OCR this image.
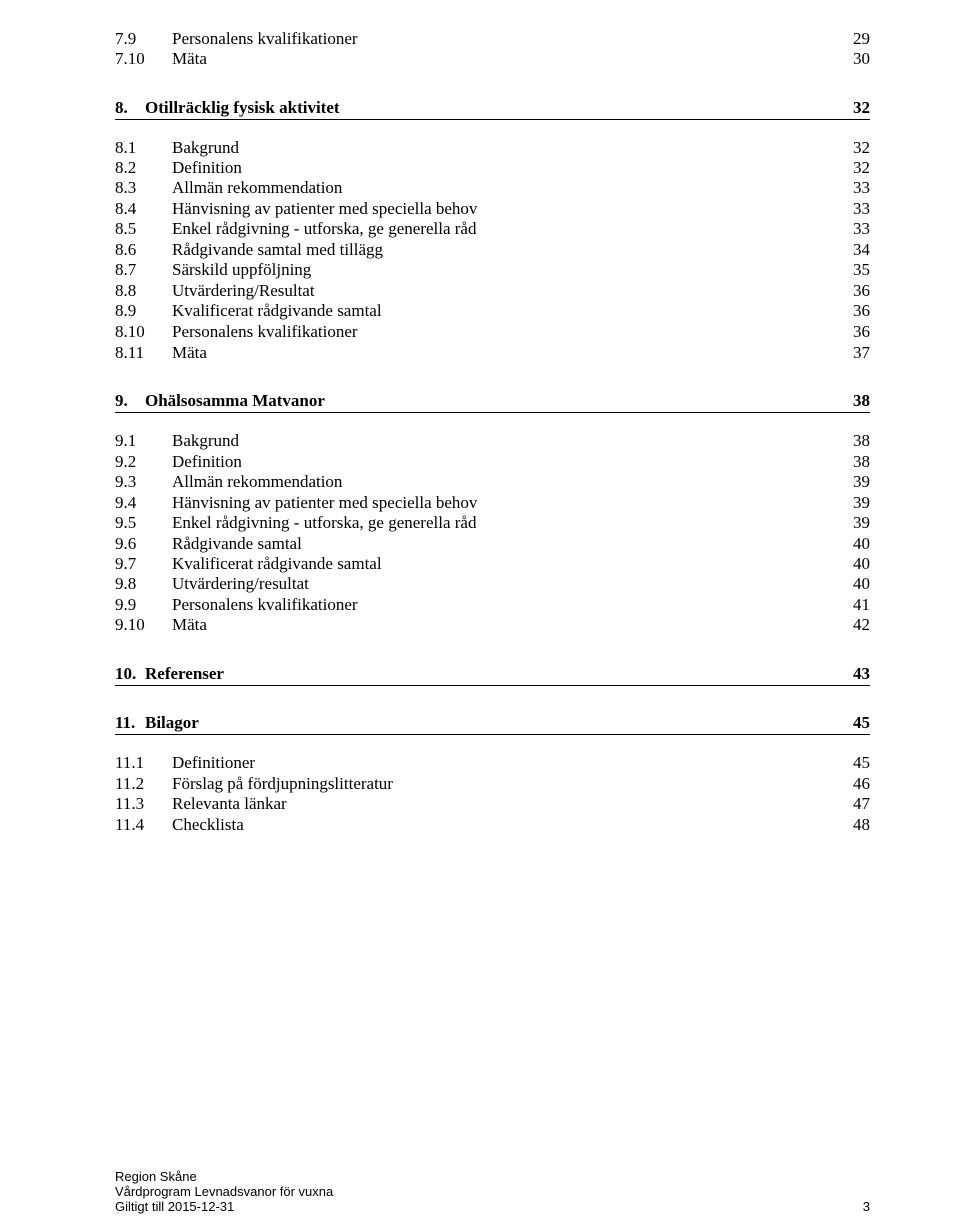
7.9 Personalens kvalifikationer	29
7.10 Mäta	30
8. Otillräcklig fysisk aktivitet	32
8.1 Bakgrund	32
8.2 Definition	32
8.3 Allmän rekommendation	33
8.4 Hänvisning av patienter med speciella behov	33
8.5 Enkel rådgivning - utforska, ge generella råd	33
8.6 Rådgivande samtal med tillägg	34
8.7 Särskild uppföljning	35
8.8 Utvärdering/Resultat	36
8.9 Kvalificerat rådgivande samtal	36
8.10 Personalens kvalifikationer	36
8.11 Mäta	37
9. Ohälsosamma Matvanor	38
9.1 Bakgrund	38
9.2 Definition	38
9.3 Allmän rekommendation	39
9.4 Hänvisning av patienter med speciella behov	39
9.5 Enkel rådgivning - utforska, ge generella råd	39
9.6 Rådgivande samtal	40
9.7 Kvalificerat rådgivande samtal	40
9.8 Utvärdering/resultat	40
9.9 Personalens kvalifikationer	41
9.10 Mäta	42
10. Referenser	43
11. Bilagor	45
11.1 Definitioner	45
11.2 Förslag på fördjupningslitteratur	46
11.3 Relevanta länkar	47
11.4 Checklista	48
Region Skåne
Vårdprogram Levnadsvanor för vuxna
Giltigt till 2015-12-31	3
